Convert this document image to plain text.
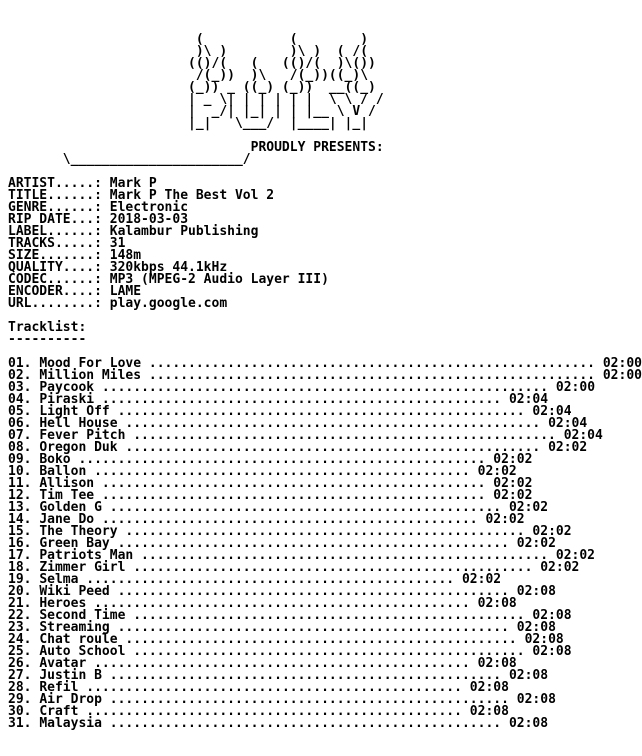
(           (        )
)\ )        )\ )  ( /(
(()/(   (   (()/(  )\())
/(_))  )\   /(_))((_)\
(_)) _ ((_) (_))  __((_)
| _ \| | | | | |  \ \ / /
|  _/| |_| | | |__ \ V /
|_|   \___/  |____| |_|

PROUDLY PRESENTS:
\______________________/

ARTIST.....: Mark P
TITLE......: Mark P The Best Vol 2
GENRE......: Electronic
RIP DATE...: 2018-03-03
LABEL......: Kalambur Publishing
TRACKS.....: 31
SIZE.......: 148m
QUALITY....: 320kbps 44.1kHz
CODEC......: MP3 (MPEG-2 Audio Layer III)
ENCODER....: LAME
URL........: play.google.com

Tracklist:
----------

01. Mood For Love ......................................................... 02:00
02. Million Miles ......................................................... 02:00
03. Paycook ......................................................... 02:00
04. Piraski ................................................... 02:04
05. Light Off .................................................... 02:04
06. Hell House ..................................................... 02:04
07. Fever Pitch ...................................................... 02:04
08. Oregon Duk ..................................................... 02:02
09. Boko .................................................... 02:02
10. Ballon ................................................ 02:02
11. Allison ................................................. 02:02
12. Tim Tee ................................................. 02:02
13. Golden G .................................................. 02:02
14. Jane Do ................................................ 02:02
15. The Theory ................................................... 02:02
16. Green Bay .................................................. 02:02
17. Patriots Man .................................................... 02:02
18. Zimmer Girl ................................................... 02:02
19. Selma ............................................... 02:02
20. Wiki Peed .................................................. 02:08
21. Heroes ................................................ 02:08
22. Second Time .................................................. 02:08
23. Streaming .................................................. 02:08
24. Chat roule .................................................. 02:08
25. Auto School .................................................. 02:08
26. Avatar ................................................ 02:08
27. Justin B .................................................. 02:08
28. Refil ................................................ 02:08
29. Air Drop ................................................... 02:08
30. Craft ................................................ 02:08
31. Malaysia .................................................. 02:08
